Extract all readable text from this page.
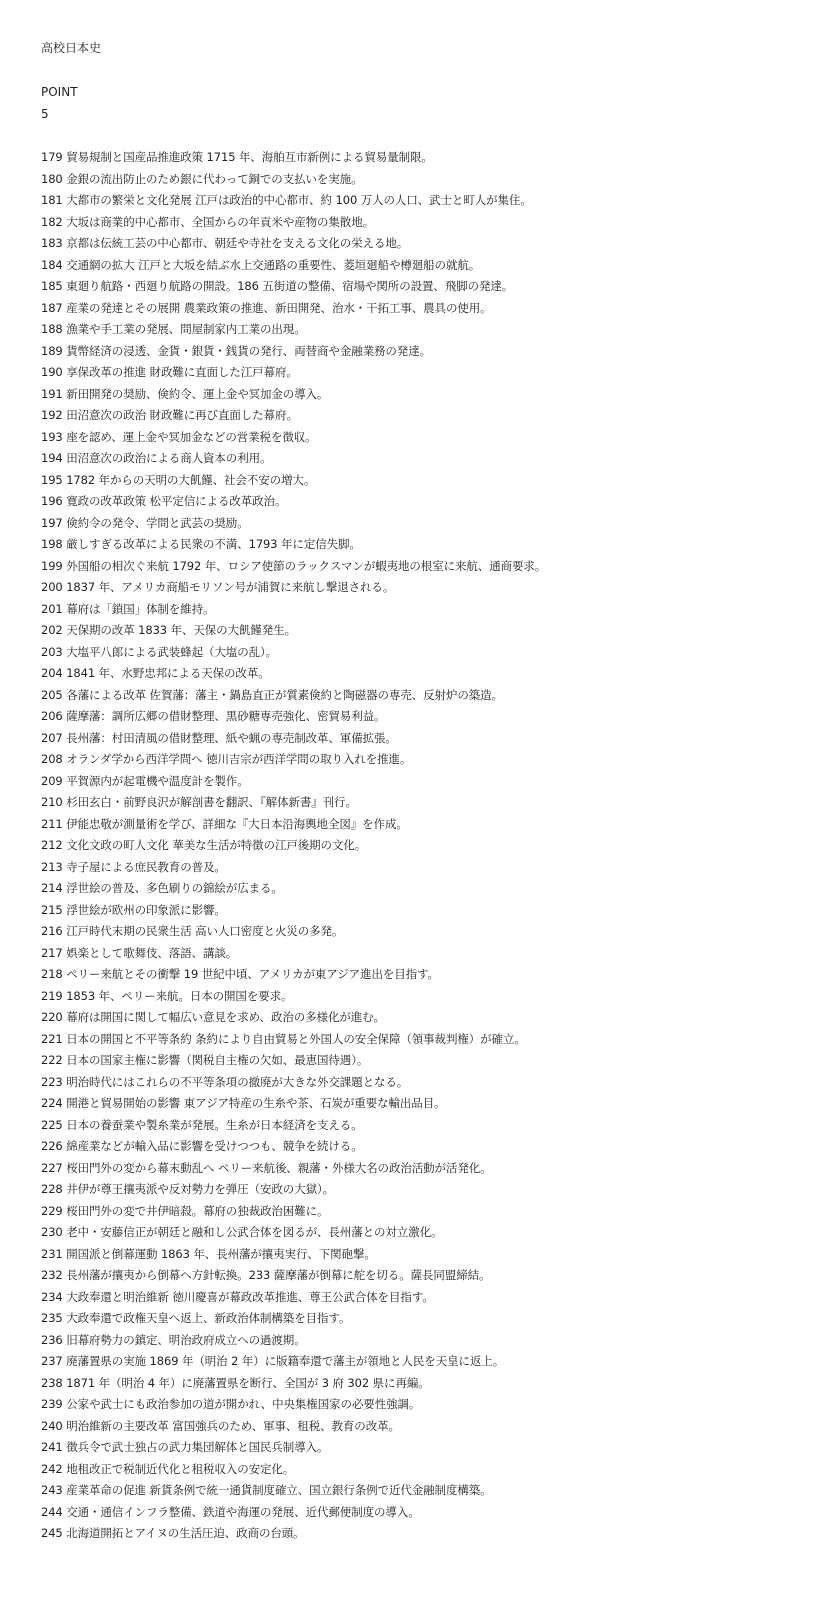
高校日本史
POINT
5
179 貿易規制と国産品推進政策 1715 年、海舶互市新例による貿易量制限。
180 金銀の流出防止のため銀に代わって銅での支払いを実施。
181 大都市の繁栄と文化発展 江戸は政治的中心都市、約 100 万人の人口、武士と町人が集住。
182 大坂は商業的中心都市、全国からの年貢米や産物の集散地。
183 京都は伝統工芸の中心都市、朝廷や寺社を支える文化の栄える地。
184 交通網の拡大 江戸と大坂を結ぶ水上交通路の重要性、菱垣廻船や樽廻船の就航。
185 東廻り航路・西廻り航路の開設。186 五街道の整備、宿場や関所の設置、飛脚の発達。
187 産業の発達とその展開 農業政策の推進、新田開発、治水・干拓工事、農具の使用。
188 漁業や手工業の発展、問屋制家内工業の出現。
189 貨幣経済の浸透、金貨・銀貨・銭貨の発行、両替商や金融業務の発達。
190 享保改革の推進 財政難に直面した江戸幕府。
191 新田開発の奨励、倹約令、運上金や冥加金の導入。
192 田沼意次の政治 財政難に再び直面した幕府。
193 座を認め、運上金や冥加金などの営業税を徴収。
194 田沼意次の政治による商人資本の利用。
195 1782 年からの天明の大飢饉、社会不安の増大。
196 寛政の改革政策 松平定信による改革政治。
197 倹約令の発令、学問と武芸の奨励。
198 厳しすぎる改革による民衆の不満、1793 年に定信失脚。
199 外国船の相次ぐ来航 1792 年、ロシア使節のラックスマンが蝦夷地の根室に来航、通商要求。
200 1837 年、アメリカ商船モリソン号が浦賀に来航し撃退される。
201 幕府は「鎖国」体制を維持。
202 天保期の改革 1833 年、天保の大飢饉発生。
203 大塩平八郎による武装蜂起（大塩の乱）。
204 1841 年、水野忠邦による天保の改革。
205 各藩による改革 佐賀藩：藩主・鍋島直正が質素倹約と陶磁器の専売、反射炉の築造。
206 薩摩藩：調所広郷の借財整理、黒砂糖専売強化、密貿易利益。
207 長州藩：村田清風の借財整理、紙や蝋の専売制改革、軍備拡張。
208 オランダ学から西洋学問へ 徳川吉宗が西洋学問の取り入れを推進。
209 平賀源内が起電機や温度計を製作。
210 杉田玄白・前野良沢が解剖書を翻訳、『解体新書』刊行。
211 伊能忠敬が測量術を学び、詳細な『大日本沿海輿地全図』を作成。
212 文化文政の町人文化 華美な生活が特徴の江戸後期の文化。
213 寺子屋による庶民教育の普及。
214 浮世絵の普及、多色刷りの錦絵が広まる。
215 浮世絵が欧州の印象派に影響。
216 江戸時代末期の民衆生活 高い人口密度と火災の多発。
217 娯楽として歌舞伎、落語、講談。
218 ペリー来航とその衝撃 19 世紀中頃、アメリカが東アジア進出を目指す。
219 1853 年、ペリー来航。日本の開国を要求。
220 幕府は開国に関して幅広い意見を求め、政治の多様化が進む。
221 日本の開国と不平等条約 条約により自由貿易と外国人の安全保障（領事裁判権）が確立。
222 日本の国家主権に影響（関税自主権の欠如、最恵国待遇）。
223 明治時代にはこれらの不平等条項の撤廃が大きな外交課題となる。
224 開港と貿易開始の影響 東アジア特産の生糸や茶、石炭が重要な輸出品目。
225 日本の養蚕業や製糸業が発展。生糸が日本経済を支える。
226 綿産業などが輸入品に影響を受けつつも、競争を続ける。
227 桜田門外の変から幕末動乱へ ペリー来航後、親藩・外様大名の政治活動が活発化。
228 井伊が尊王攘夷派や反対勢力を弾圧（安政の大獄）。
229 桜田門外の変で井伊暗殺。幕府の独裁政治困難に。
230 老中・安藤信正が朝廷と融和し公武合体を図るが、長州藩との対立激化。
231 開国派と倒幕運動 1863 年、長州藩が攘夷実行、下関砲撃。
232 長州藩が攘夷から倒幕へ方針転換。233 薩摩藩が倒幕に舵を切る。薩長同盟締結。
234 大政奉還と明治維新 徳川慶喜が幕政改革推進、尊王公武合体を目指す。
235 大政奉還で政権天皇へ返上、新政治体制構築を目指す。
236 旧幕府勢力の鎮定、明治政府成立への過渡期。
237 廃藩置県の実施 1869 年（明治 2 年）に版籍奉還で藩主が領地と人民を天皇に返上。
238 1871 年（明治 4 年）に廃藩置県を断行、全国が 3 府 302 県に再編。
239 公家や武士にも政治参加の道が開かれ、中央集権国家の必要性強調。
240 明治維新の主要改革 富国強兵のため、軍事、租税、教育の改革。
241 徴兵令で武士独占の武力集団解体と国民兵制導入。
242 地租改正で税制近代化と租税収入の安定化。
243 産業革命の促進 新貨条例で統一通貨制度確立、国立銀行条例で近代金融制度構築。
244 交通・通信インフラ整備、鉄道や海運の発展、近代郵便制度の導入。
245 北海道開拓とアイヌの生活圧迫、政商の台頭。
